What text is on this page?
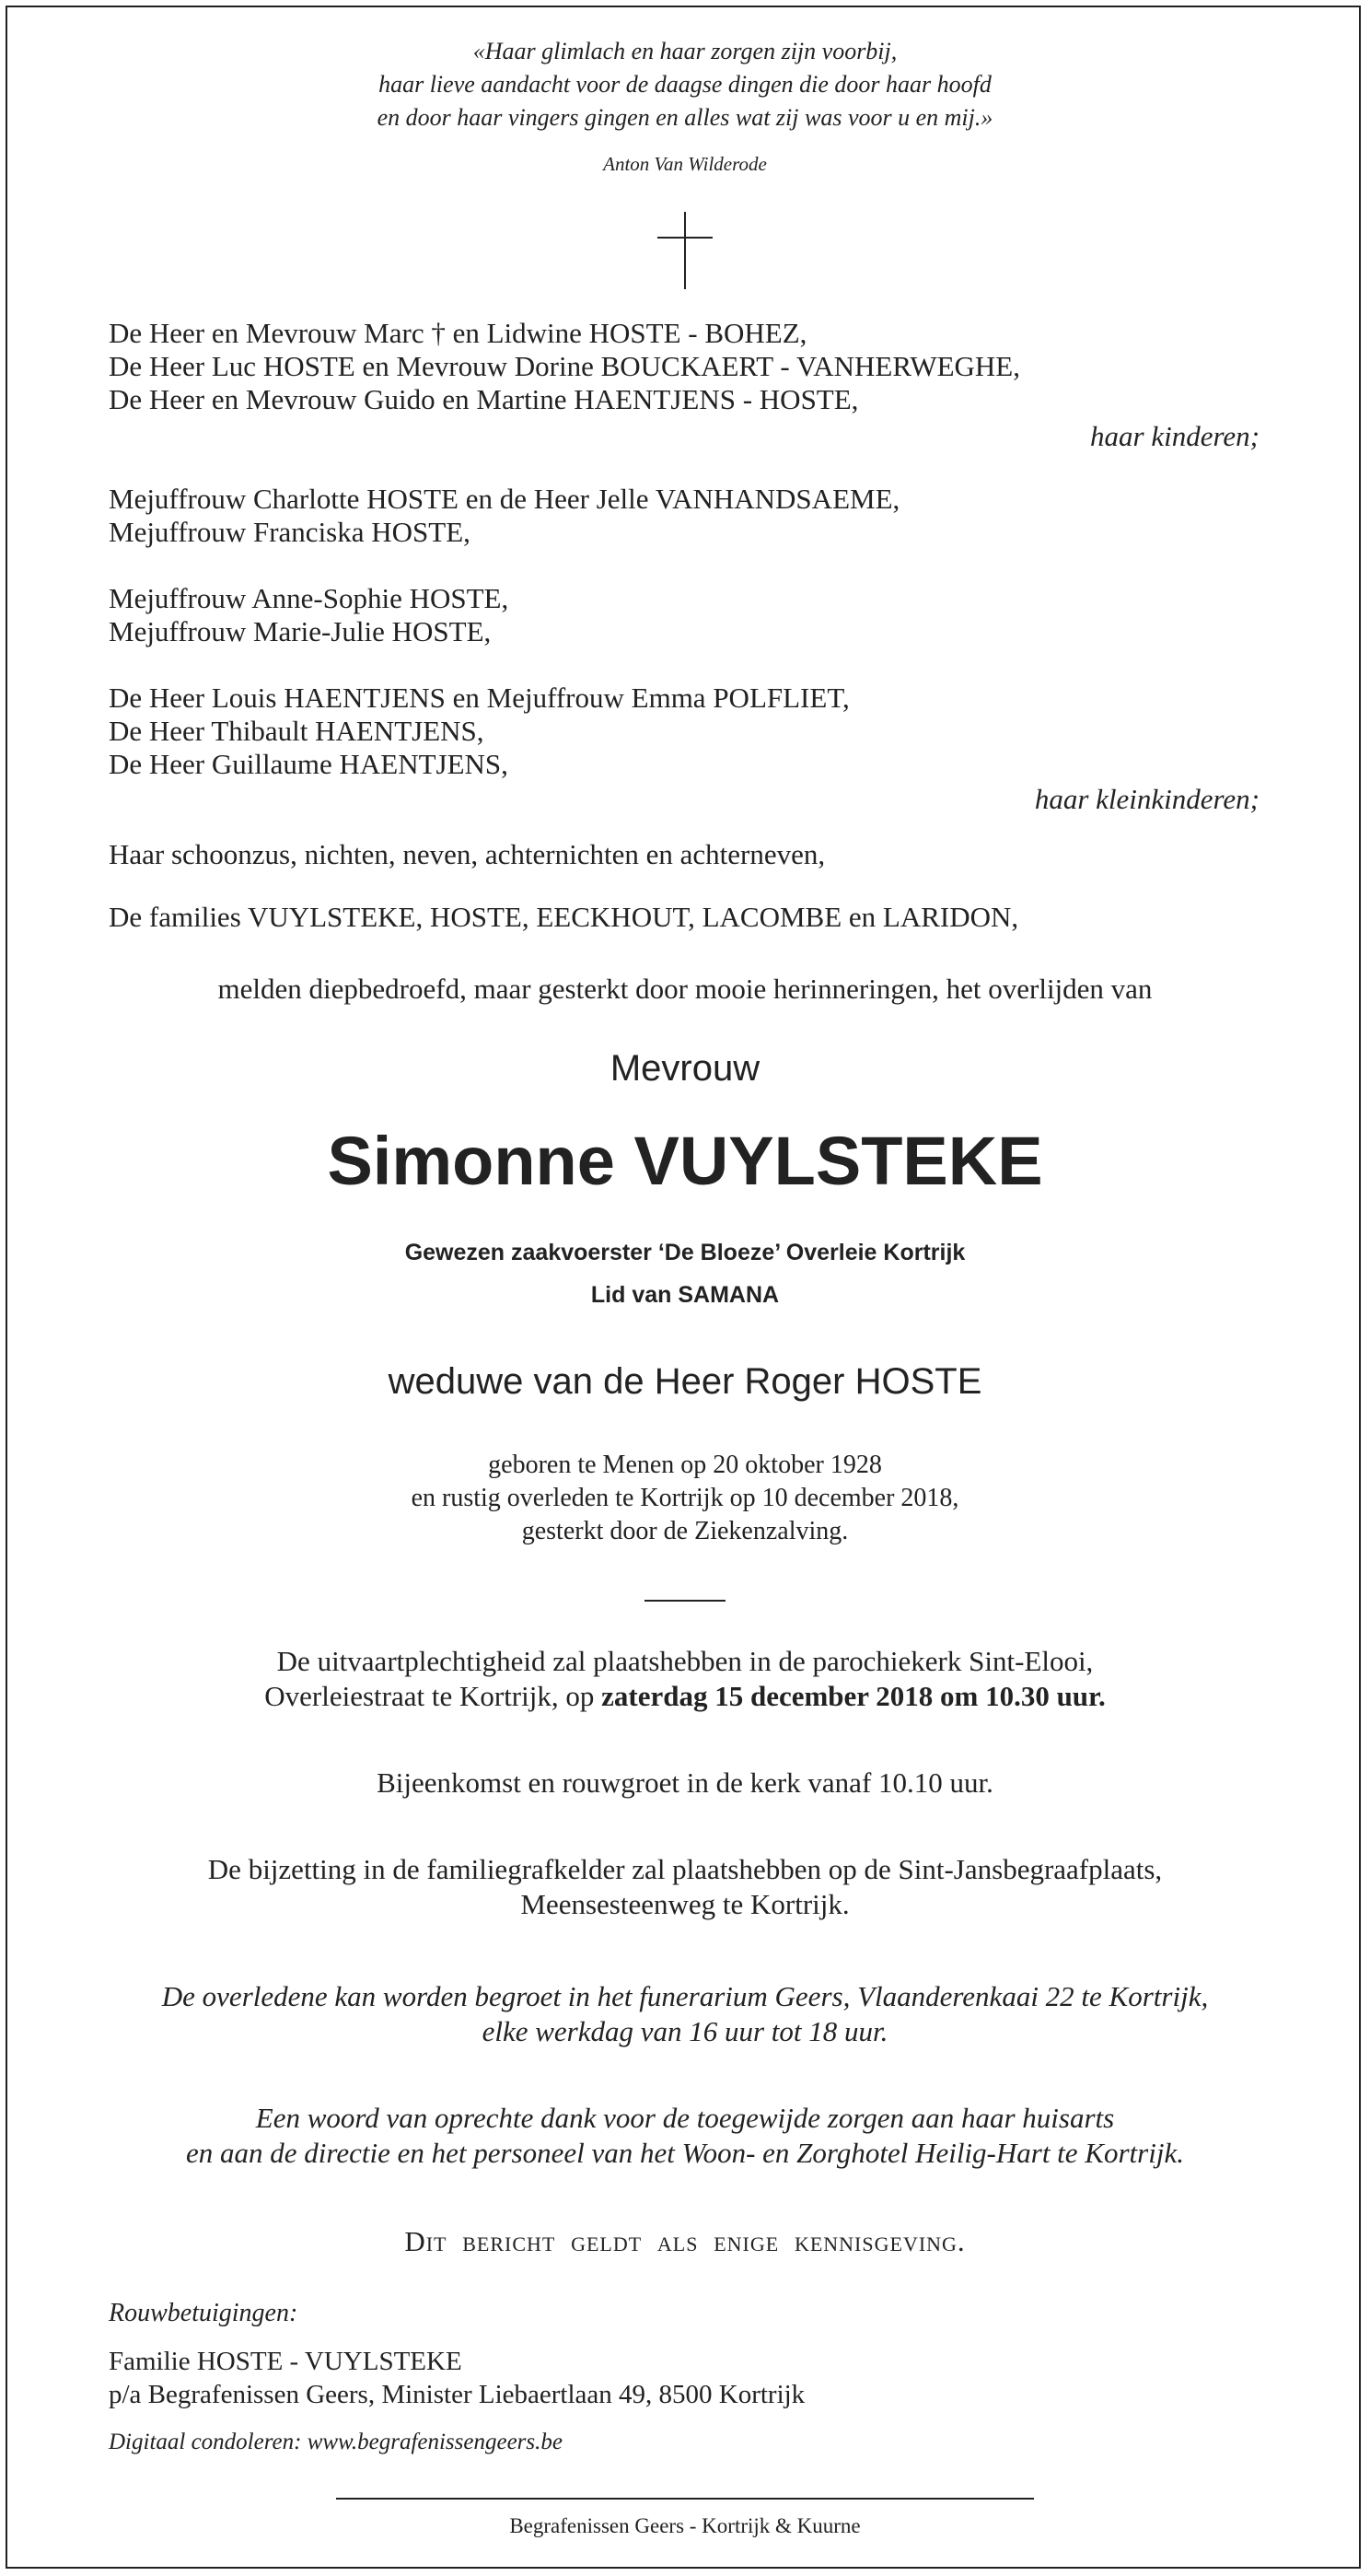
«Haar glimlach en haar zorgen zijn voorbij,
haar lieve aandacht voor de daagse dingen die door haar hoofd
en door haar vingers gingen en alles wat zij was voor u en mij.»
Anton Van Wilderode
De Heer en Mevrouw Marc † en Lidwine HOSTE - BOHEZ,
De Heer Luc HOSTE en Mevrouw Dorine BOUCKAERT - VANHERWEGHE,
De Heer en Mevrouw Guido en Martine HAENTJENS - HOSTE,
haar kinderen;
Mejuffrouw Charlotte HOSTE en de Heer Jelle VANHANDSAEME,
Mejuffrouw Franciska HOSTE,
Mejuffrouw Anne-Sophie HOSTE,
Mejuffrouw Marie-Julie HOSTE,
De Heer Louis HAENTJENS en Mejuffrouw Emma POLFLIET,
De Heer Thibault HAENTJENS,
De Heer Guillaume HAENTJENS,
haar kleinkinderen;
Haar schoonzus, nichten, neven, achternichten en achterneven,
De families VUYLSTEKE, HOSTE, EECKHOUT, LACOMBE en LARIDON,
melden diepbedroefd, maar gesterkt door mooie herinneringen, het overlijden van
Mevrouw
Simonne VUYLSTEKE
Gewezen zaakvoerster ‘De Bloeze’ Overleie Kortrijk
Lid van SAMANA
weduwe van de Heer Roger HOSTE
geboren te Menen op 20 oktober 1928
en rustig overleden te Kortrijk op 10 december 2018,
gesterkt door de Ziekenzalving.
De uitvaartplechtigheid zal plaatshebben in de parochiekerk Sint-Elooi,
Overleiestraat te Kortrijk, op zaterdag 15 december 2018 om 10.30 uur.
Bijeenkomst en rouwgroet in de kerk vanaf 10.10 uur.
De bijzetting in de familiegrafkelder zal plaatshebben op de Sint-Jansbegraafplaats,
Meensesteenweg te Kortrijk.
De overledene kan worden begroet in het funerarium Geers, Vlaanderenkaai 22 te Kortrijk,
elke werkdag van 16 uur tot 18 uur.
Een woord van oprechte dank voor de toegewijde zorgen aan haar huisarts
en aan de directie en het personeel van het Woon- en Zorghotel Heilig-Hart te Kortrijk.
Dit bericht geldt als enige kennisgeving.
Rouwbetuigingen:
Familie HOSTE - VUYLSTEKE
p/a Begrafenissen Geers, Minister Liebaertlaan 49, 8500 Kortrijk
Digitaal condoleren: www.begrafenissengeers.be
Begrafenissen Geers - Kortrijk & Kuurne
